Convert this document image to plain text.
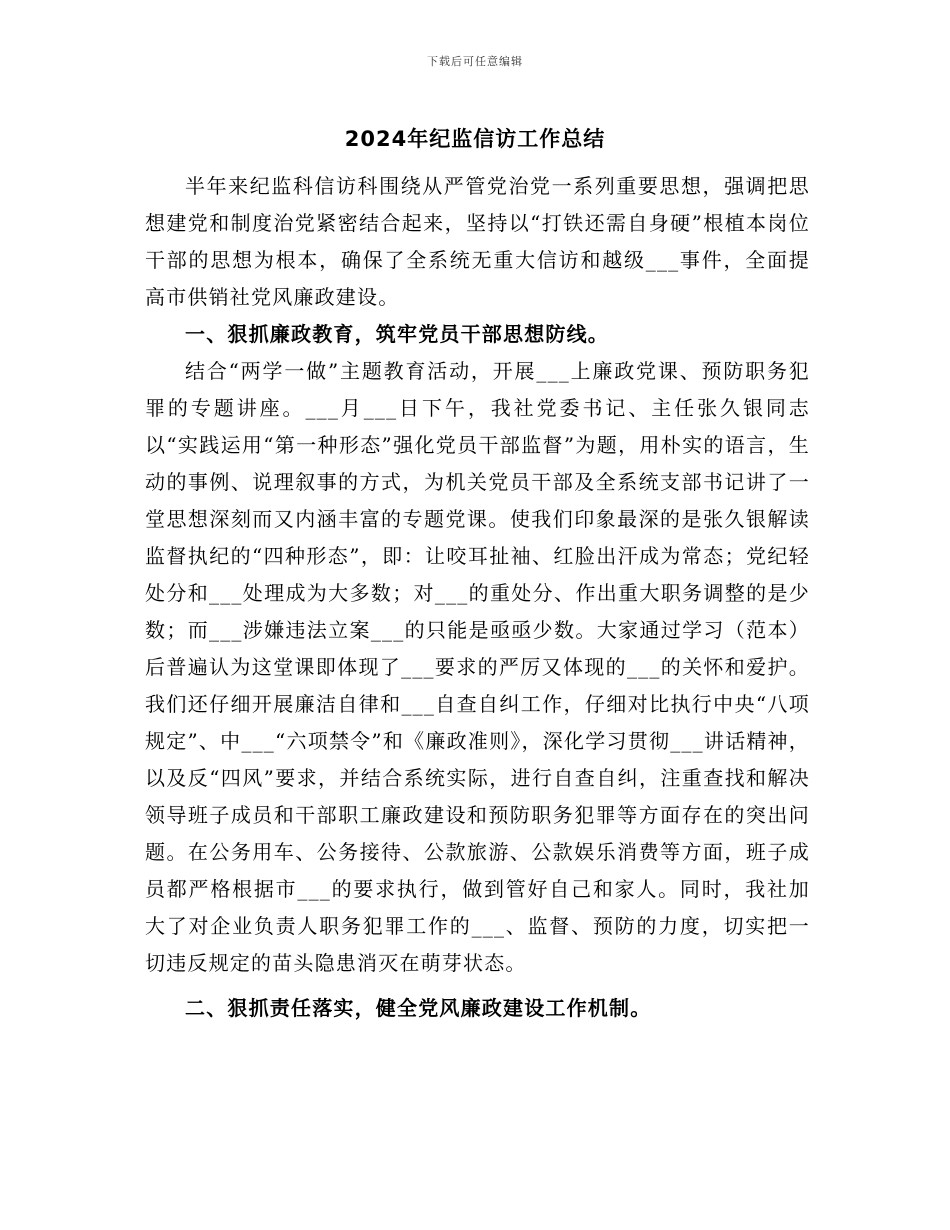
下载后可任意编辑
2024年纪监信访工作总结

半年来纪监科信访科围绕从严管党治党一系列重要思想，强调把思想建党和制度治党紧密结合起来，坚持以“打铁还需自身硬”根植本岗位干部的思想为根本，确保了全系统无重大信访和越级___事件，全面提高市供销社党风廉政建设。

一、狠抓廉政教育，筑牢党员干部思想防线。

结合“两学一做”主题教育活动，开展___上廉政党课、预防职务犯罪的专题讲座。___月___日下午，我社党委书记、主任张久银同志以“实践运用“第一种形态”强化党员干部监督”为题，用朴实的语言，生动的事例、说理叙事的方式，为机关党员干部及全系统支部书记讲了一堂思想深刻而又内涵丰富的专题党课。使我们印象最深的是张久银解读监督执纪的“四种形态”，即：让咬耳扯袖、红脸出汗成为常态；党纪轻处分和___处理成为大多数；对___的重处分、作出重大职务调整的是少数；而___涉嫌违法立案___的只能是亟亟少数。大家通过学习（范本）后普遍认为这堂课即体现了___要求的严厉又体现的___的关怀和爱护。我们还仔细开展廉洁自律和___自查自纠工作，仔细对比执行中央“八项规定”、中___“六项禁令”和《廉政准则》，深化学习贯彻___讲话精神，以及反“四风”要求，并结合系统实际，进行自查自纠，注重查找和解决领导班子成员和干部职工廉政建设和预防职务犯罪等方面存在的突出问题。在公务用车、公务接待、公款旅游、公款娱乐消费等方面，班子成员都严格根据市___的要求执行，做到管好自己和家人。同时，我社加大了对企业负责人职务犯罪工作的___、监督、预防的力度，切实把一切违反规定的苗头隐患消灭在萌芽状态。

二、狠抓责任落实，健全党风廉政建设工作机制。
